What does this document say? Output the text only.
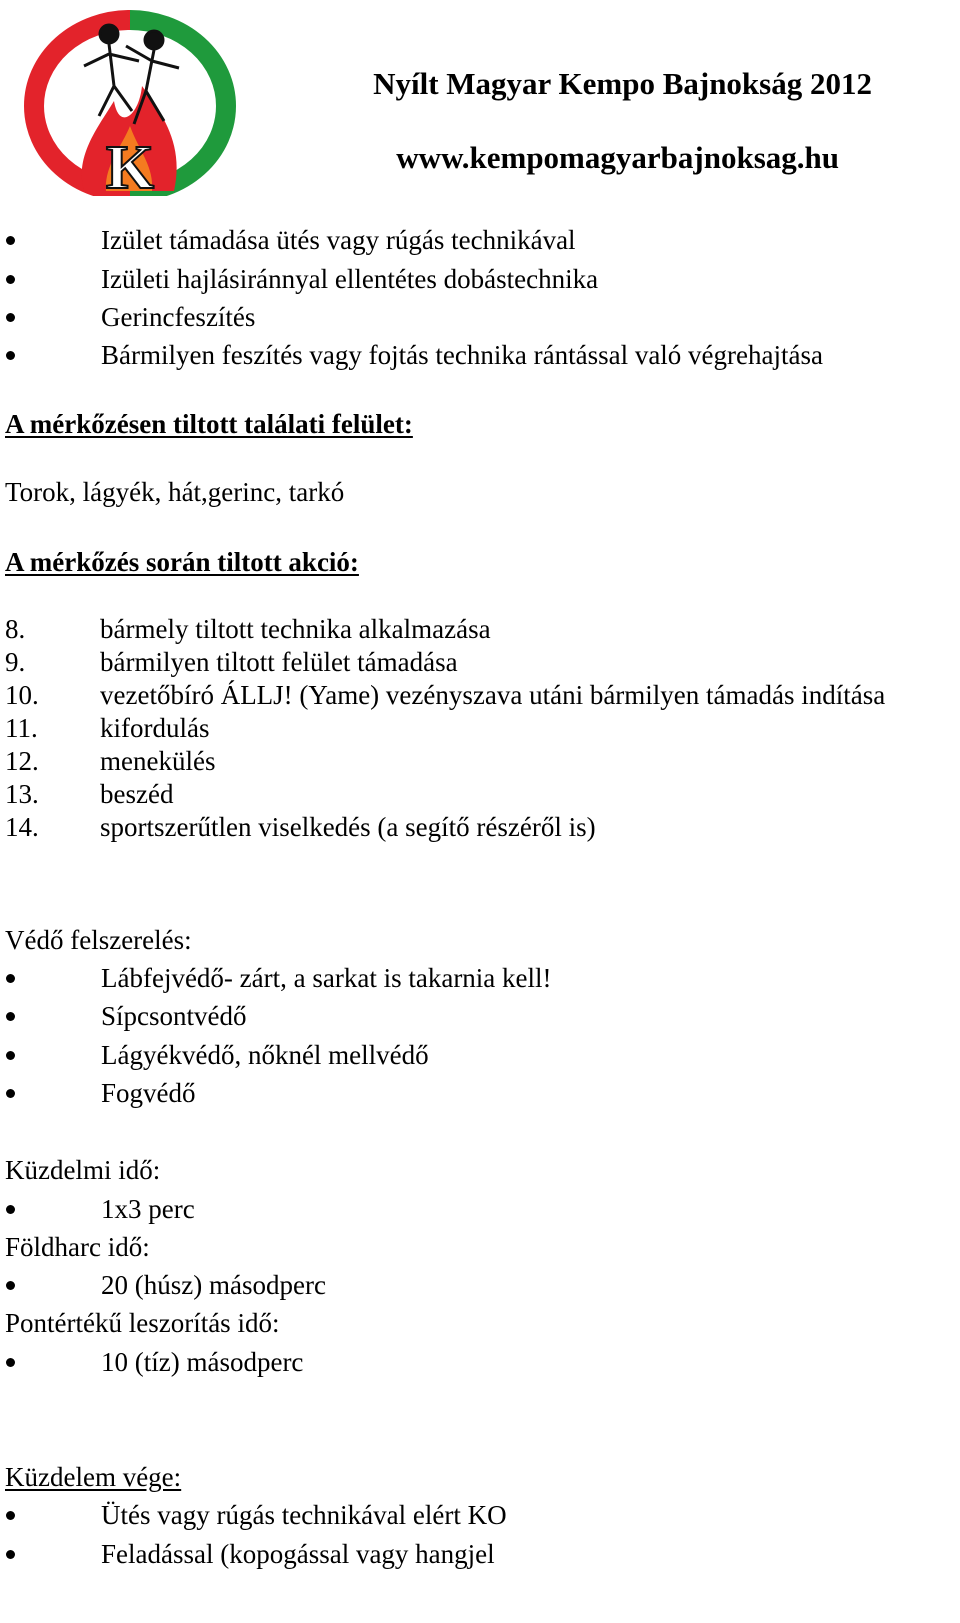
K
Nyílt Magyar Kempo Bajnokság 2012
www.kempomagyarbajnoksag.hu
Izület támadása ütés vagy rúgás technikával
Izületi hajlásiránnyal ellentétes dobástechnika
Gerincfeszítés
Bármilyen feszítés vagy fojtás technika rántással való végrehajtása
A mérkőzésen tiltott találati felület:
Torok, lágyék, hát,gerinc, tarkó
A mérkőzés során tiltott akció:
8.	bármely tiltott technika alkalmazása
9.	bármilyen tiltott felület támadása
10. vezetőbíró ÁLLJ! (Yame) vezényszava utáni bármilyen támadás indítása
11. kifordulás
12. menekülés
13. beszéd
14. sportszerűtlen viselkedés (a segítő részéről is)
Védő felszerelés:
Lábfejvédő- zárt, a sarkat is takarnia kell!
Sípcsontvédő
Lágyékvédő, nőknél mellvédő
Fogvédő
Küzdelmi idő:
1x3 perc
Földharc idő:
20 (húsz) másodperc
Pontértékű leszorítás idő:
10 (tíz) másodperc
Küzdelem vége:
Ütés vagy rúgás technikával elért KO
Feladással (kopogással vagy hangjel
